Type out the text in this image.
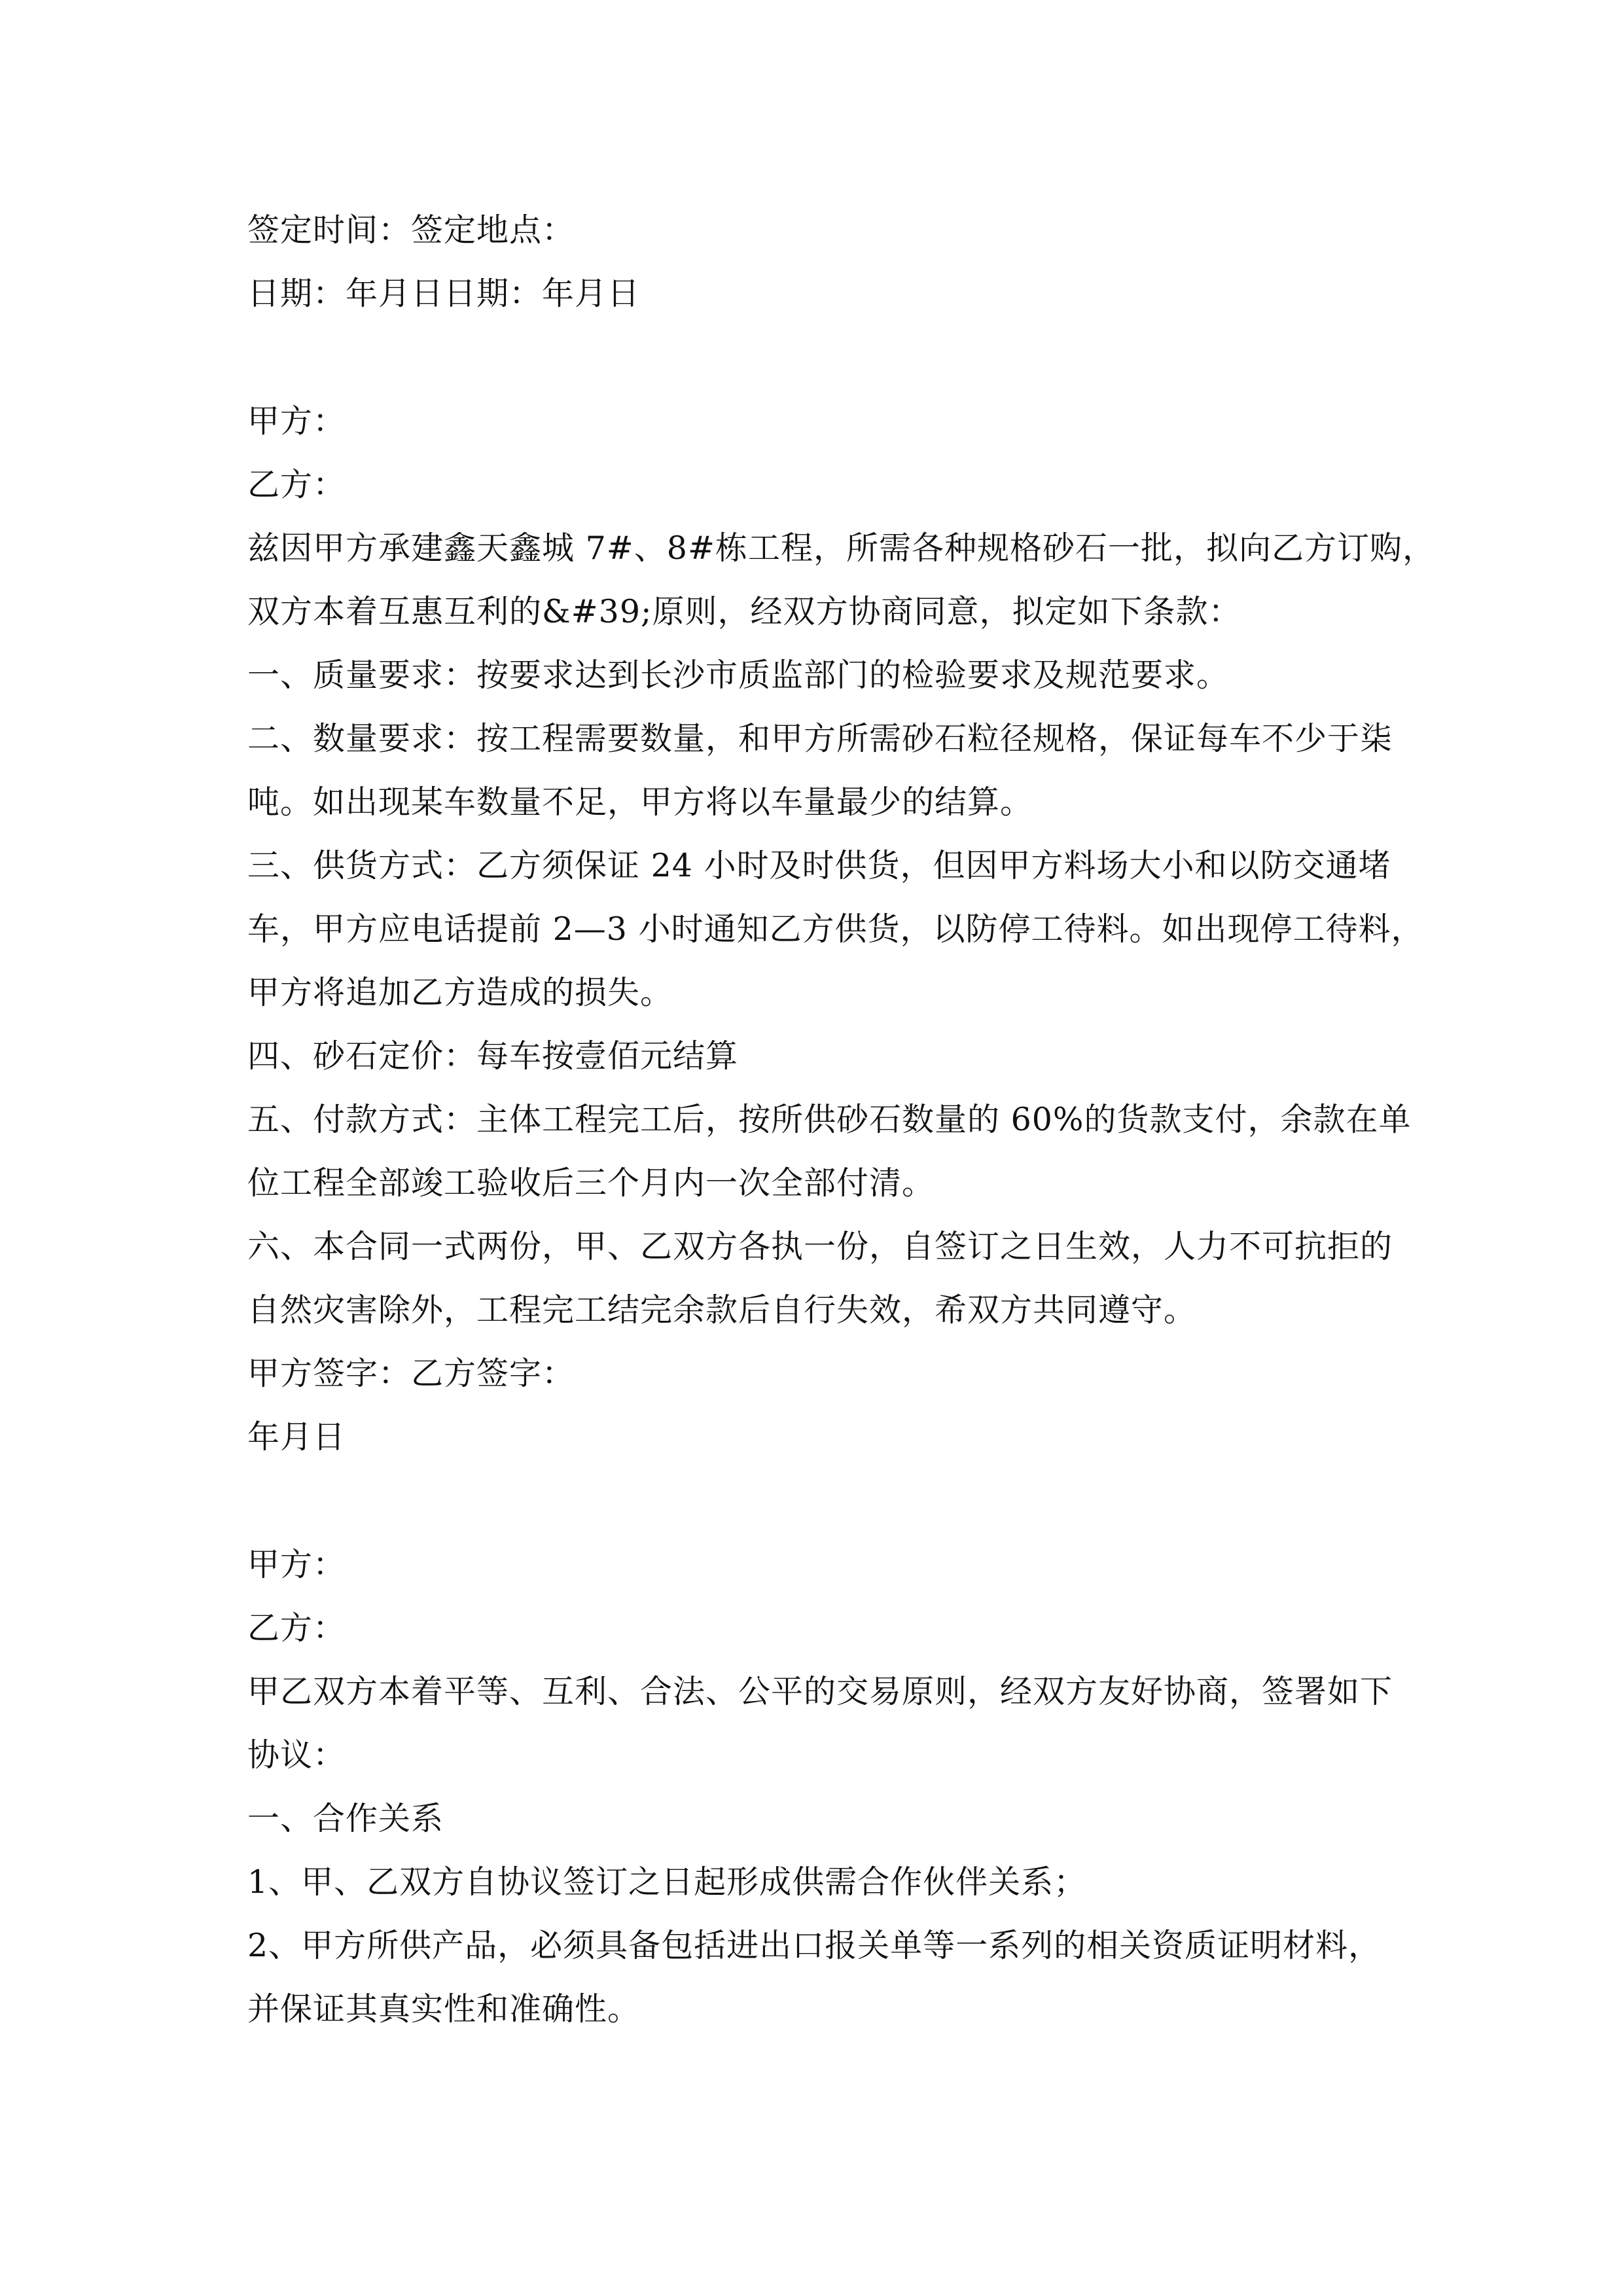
签定时间：签定地点：
日期：年月日日期：年月日
甲方：
乙方：
兹因甲方承建鑫天鑫城 7#、8#栋工程，所需各种规格砂石一批，拟向乙方订购，
双方本着互惠互利的&#39;原则，经双方协商同意，拟定如下条款：
一、质量要求：按要求达到长沙市质监部门的检验要求及规范要求。
二、数量要求：按工程需要数量，和甲方所需砂石粒径规格，保证每车不少于柒
吨。如出现某车数量不足，甲方将以车量最少的结算。
三、供货方式：乙方须保证 24 小时及时供货，但因甲方料场大小和以防交通堵
车，甲方应电话提前 2—3 小时通知乙方供货，以防停工待料。如出现停工待料，
甲方将追加乙方造成的损失。
四、砂石定价：每车按壹佰元结算
五、付款方式：主体工程完工后，按所供砂石数量的 60%的货款支付，余款在单
位工程全部竣工验收后三个月内一次全部付清。
六、本合同一式两份，甲、乙双方各执一份，自签订之日生效，人力不可抗拒的
自然灾害除外，工程完工结完余款后自行失效，希双方共同遵守。
甲方签字：乙方签字：
年月日
甲方：
乙方：
甲乙双方本着平等、互利、合法、公平的交易原则，经双方友好协商，签署如下
协议：
一、合作关系
1、甲、乙双方自协议签订之日起形成供需合作伙伴关系；
2、甲方所供产品，必须具备包括进出口报关单等一系列的相关资质证明材料，
并保证其真实性和准确性。
